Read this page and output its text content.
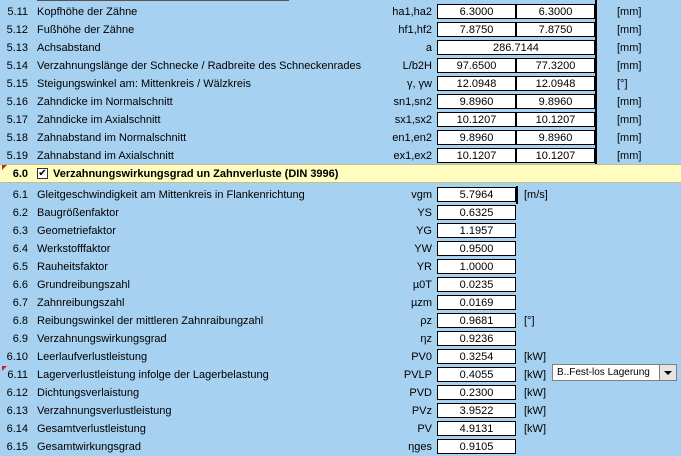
5.11 Kopfhöhe der Zähne	ha1,ha2	6.3000	6.3000	[mm]
5.12 Fußhöhe der Zähne	hf1,hf2	7.8750	7.8750	[mm]
5.13 Achsabstand	a	286.7144	[mm]
5.14 Verzahnungslänge der Schnecke / Radbreite des Schneckenrades	L/b2H	97.6500	77.3200	[mm]
5.15 Steigungswinkel am: Mittenkreis / Wälzkreis	γ, γw	12.0948	12.0948	[°]
5.16 Zahndicke im Normalschnitt	sn1,sn2	9.8960	9.8960	[mm]
5.17 Zahndicke im Axialschnitt	sx1,sx2	10.1207	10.1207	[mm]
5.18 Zahnabstand im Normalschnitt	en1,en2	9.8960	9.8960	[mm]
5.19 Zahnabstand im Axialschnitt	ex1,ex2	10.1207	10.1207	[mm]
6.0 ✔ Verzahnungswirkungsgrad un Zahnverluste (DIN 3996)
6.1 Gleitgeschwindigkeit am Mittenkreis in Flankenrichtung	vgm	5.7964	[m/s]
6.2 Baugrößenfaktor	YS	0.6325
6.3 Geometriefaktor	YG	1.1957
6.4 Werkstofffaktor	YW	0.9500
6.5 Rauheitsfaktor	YR	1.0000
6.6 Grundreibungszahl	µ0T	0.0235
6.7 Zahnreibungszahl	µzm	0.0169
6.8 Reibungswinkel der mittleren Zahnraibungzahl	ρz	0.9681	[°]
6.9 Verzahnungswirkungsgrad	ηz	0.9236
6.10 Leerlaufverlustleistung	PV0	0.3254	[kW]
6.11 Lagerverlustleistung infolge der Lagerbelastung	PVLP	0.4055	[kW]
6.12 Dichtungsverlaistung	PVD	0.2300	[kW]
6.13 Verzahnungsverlustleistung	PVz	3.9522	[kW]
6.14 Gesamtverlustleistung	PV	4.9131	[kW]
6.15 Gesamtwirkungsgrad	ηges	0.9105
B..Fest-los Lagerung
